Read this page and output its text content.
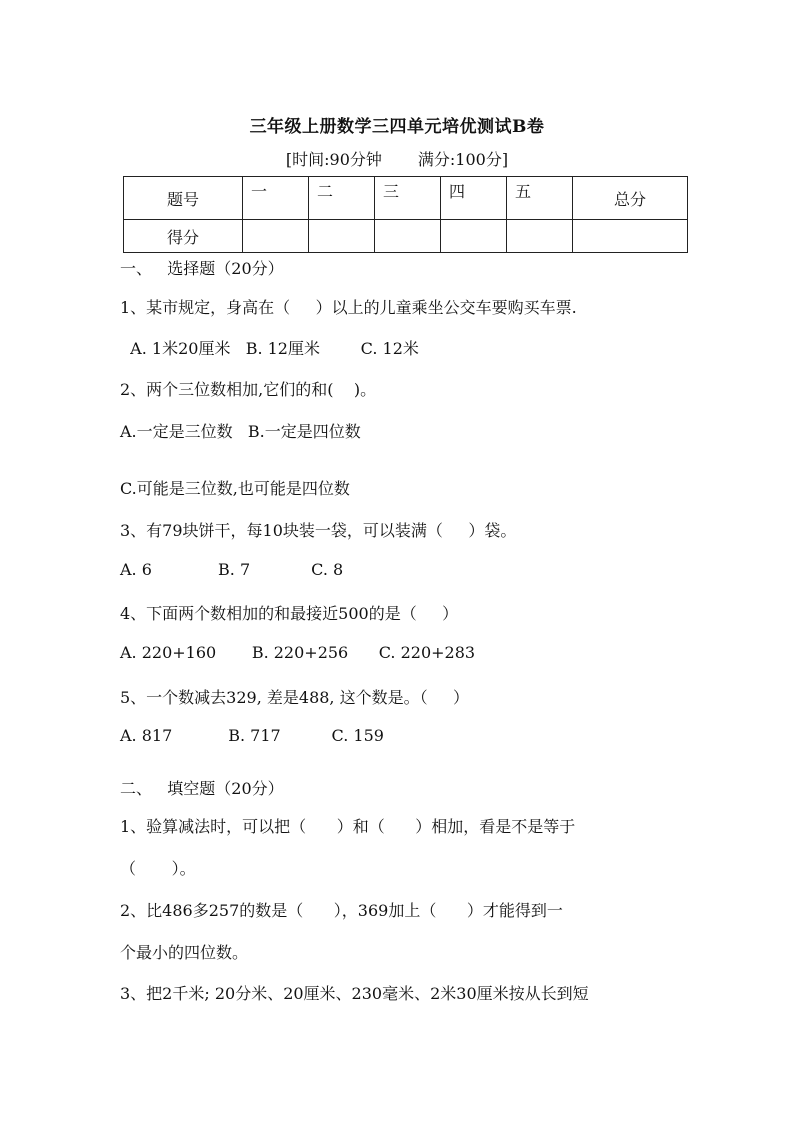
三年级上册数学三四单元培优测试B卷
[时间:90分钟 满分:100分]
题号	一	二	三	四	五	总分
得分						
一、   选择题（20分）
1、某市规定，身高在（     ）以上的儿童乘坐公交车要购买车票.
A. 1米20厘米   B. 12厘米        C. 12米
2、两个三位数相加,它们的和(    )。
A.一定是三位数   B.一定是四位数
C.可能是三位数,也可能是四位数
3、有79块饼干，每10块装一袋，可以装满（     ）袋。
A. 6             B. 7            C. 8
4、下面两个数相加的和最接近500的是（     ）
A. 220+160       B. 220+256      C. 220+283
5、一个数减去329, 差是488, 这个数是。（     ）
A. 817           B. 717          C. 159
二、   填空题（20分）
1、验算减法时，可以把（      ）和（      ）相加，看是不是等于
（       ）。
2、比486多257的数是（      ），369加上（      ）才能得到一
个最小的四位数。
3、把2千米; 20分米、20厘米、230毫米、2米30厘米按从长到短
